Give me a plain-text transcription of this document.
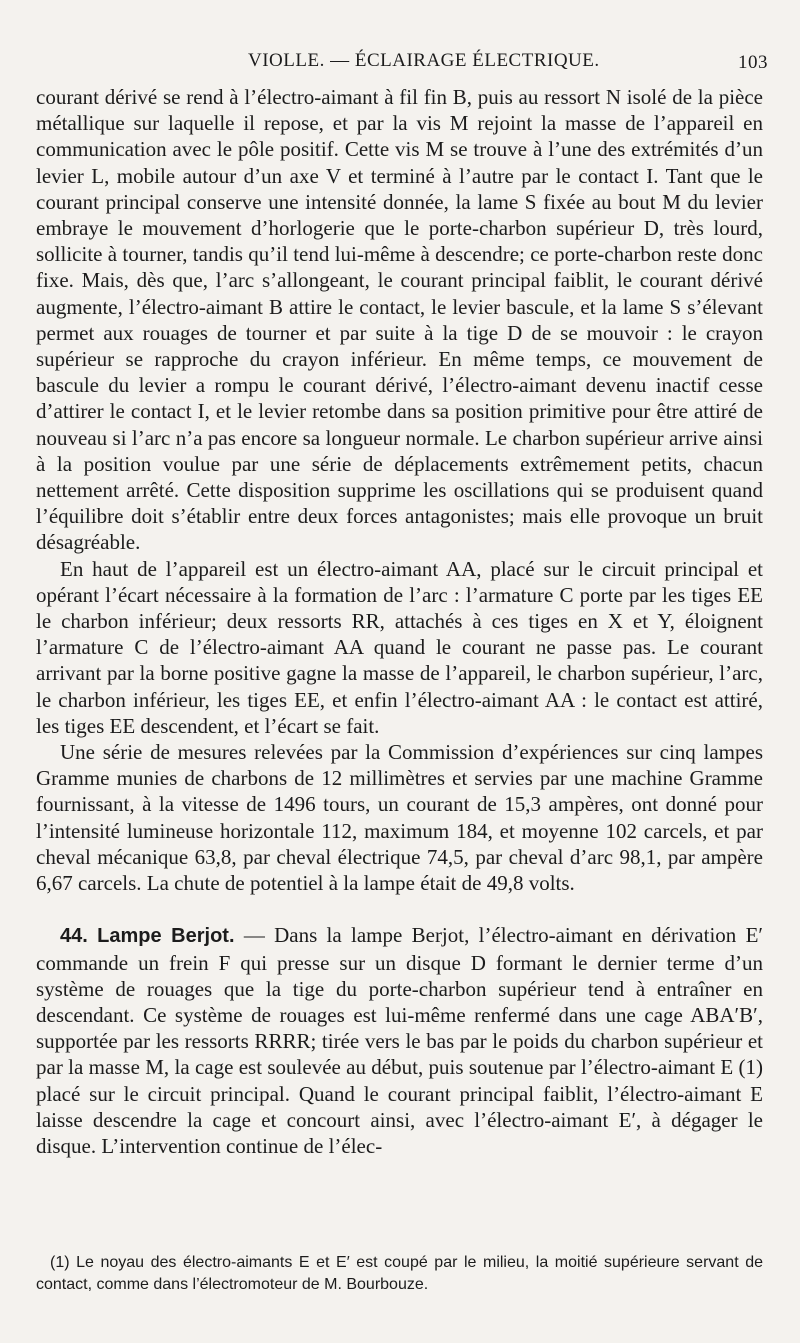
VIOLLE. — ÉCLAIRAGE ÉLECTRIQUE.	103

courant dérivé se rend à l’électro-aimant à fil fin B, puis au ressort N isolé de la pièce métallique sur laquelle il repose, et par la vis M rejoint la masse de l’appareil en communication avec le pôle positif. Cette vis M se trouve à l’une des extrémités d’un levier L, mobile autour d’un axe V et terminé à l’autre par le contact I. Tant que le courant principal conserve une intensité donnée, la lame S fixée au bout M du levier embraye le mouvement d’horlogerie que le porte-charbon supérieur D, très lourd, sollicite à tourner, tandis qu’il tend lui-même à descendre; ce porte-charbon reste donc fixe. Mais, dès que, l’arc s’allongeant, le courant principal faiblit, le courant dérivé augmente, l’électro-aimant B attire le contact, le levier bascule, et la lame S s’élevant permet aux rouages de tourner et par suite à la tige D de se mouvoir : le crayon supérieur se rapproche du crayon inférieur. En même temps, ce mouvement de bascule du levier a rompu le courant dérivé, l’électro-aimant devenu inactif cesse d’attirer le contact I, et le levier retombe dans sa position primitive pour être attiré de nouveau si l’arc n’a pas encore sa longueur normale. Le charbon supérieur arrive ainsi à la position voulue par une série de déplacements extrêmement petits, chacun nettement arrêté. Cette disposition supprime les oscillations qui se produisent quand l’équilibre doit s’établir entre deux forces antagonistes; mais elle provoque un bruit désagréable.

En haut de l’appareil est un électro-aimant AA, placé sur le circuit principal et opérant l’écart nécessaire à la formation de l’arc : l’armature C porte par les tiges EE le charbon inférieur; deux ressorts RR, attachés à ces tiges en X et Y, éloignent l’armature C de l’électro-aimant AA quand le courant ne passe pas. Le courant arrivant par la borne positive gagne la masse de l’appareil, le charbon supérieur, l’arc, le charbon inférieur, les tiges EE, et enfin l’électro-aimant AA : le contact est attiré, les tiges EE descendent, et l’écart se fait.

Une série de mesures relevées par la Commission d’expériences sur cinq lampes Gramme munies de charbons de 12 millimètres et servies par une machine Gramme fournissant, à la vitesse de 1496 tours, un courant de 15,3 ampères, ont donné pour l’intensité lumineuse horizontale 112, maximum 184, et moyenne 102 carcels, et par cheval mécanique 63,8, par cheval électrique 74,5, par cheval d’arc 98,1, par ampère 6,67 carcels. La chute de potentiel à la lampe était de 49,8 volts.

44. Lampe Berjot. — Dans la lampe Berjot, l’électro-aimant en dérivation E′ commande un frein F qui presse sur un disque D formant le dernier terme d’un système de rouages que la tige du porte-charbon supérieur tend à entraîner en descendant. Ce système de rouages est lui-même renfermé dans une cage ABA′B′, supportée par les ressorts RRRR; tirée vers le bas par le poids du charbon supérieur et par la masse M, la cage est soulevée au début, puis soutenue par l’électro-aimant E (1) placé sur le circuit principal. Quand le courant principal faiblit, l’électro-aimant E laisse descendre la cage et concourt ainsi, avec l’électro-aimant E′, à dégager le disque. L’intervention continue de l’élec-

(1) Le noyau des électro-aimants E et E′ est coupé par le milieu, la moitié supérieure servant de contact, comme dans l’électromoteur de M. Bourbouze.
